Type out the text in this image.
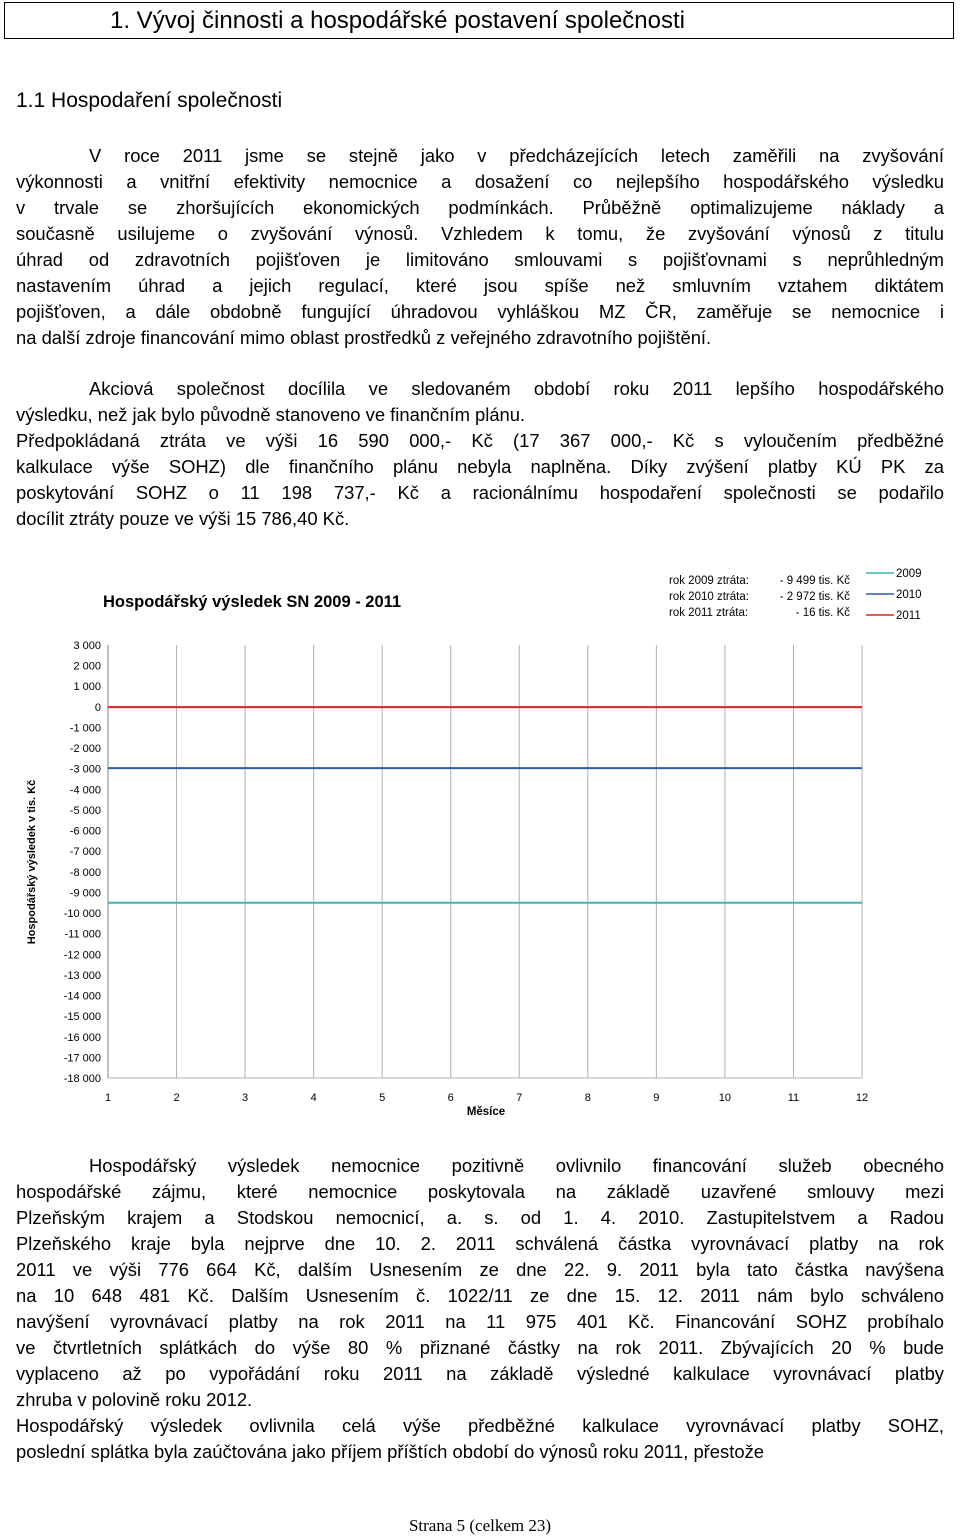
1. Vývoj činnosti a hospodářské postavení společnosti
1.1 Hospodaření společnosti
V roce 2011 jsme se stejně jako v předcházejících letech zaměřili na zvyšování
výkonnosti a vnitřní efektivity nemocnice a dosažení co nejlepšího hospodářského výsledku
v trvale se zhoršujících ekonomických podmínkách. Průběžně optimalizujeme náklady a
současně usilujeme o zvyšování výnosů. Vzhledem k tomu, že zvyšování výnosů z titulu
úhrad od zdravotních pojišťoven je limitováno smlouvami s pojišťovnami s neprůhledným
nastavením úhrad a jejich regulací, které jsou spíše než smluvním vztahem diktátem
pojišťoven, a dále obdobně fungující úhradovou vyhláškou MZ ČR, zaměřuje se nemocnice i
na další zdroje financování mimo oblast prostředků z veřejného zdravotního pojištění.
Akciová společnost docílila ve sledovaném období roku 2011 lepšího hospodářského
výsledku, než jak bylo původně stanoveno ve finančním plánu.
Předpokládaná ztráta ve výši 16 590 000,- Kč (17 367 000,- Kč s vyloučením předběžné
kalkulace výše SOHZ) dle finančního plánu nebyla naplněna. Díky zvýšení platby KÚ PK za
poskytování SOHZ o 11 198 737,- Kč a racionálnímu hospodaření společnosti se podařilo
docílit ztráty pouze ve výši 15 786,40 Kč.
3 000
2 000
1 000
0
-1 000
-2 000
-3 000
-4 000
-5 000
-6 000
-7 000
-8 000
-9 000
-10 000
-11 000
-12 000
-13 000
-14 000
-15 000
-16 000
-17 000
-18 000
1	2	3	4	5	6	7	8	9	10	11	12
Měsíce
Hospodářský výsledek v tis. Kč
Hospodářský výsledek SN 2009 - 2011
rok 2009 ztráta:	- 9 499 tis. Kč
rok 2010 ztráta:	- 2 972 tis. Kč
rok 2011 ztráta:	- 16 tis. Kč
2009
2010
2011
Hospodářský výsledek nemocnice pozitivně ovlivnilo financování služeb obecného
hospodářské zájmu, které nemocnice poskytovala na základě uzavřené smlouvy mezi
Plzeňským krajem a Stodskou nemocnicí, a. s. od 1. 4. 2010. Zastupitelstvem a Radou
Plzeňského kraje byla nejprve dne 10. 2. 2011 schválená částka vyrovnávací platby na rok
2011 ve výši 776 664 Kč, dalším Usnesením ze dne 22. 9. 2011 byla tato částka navýšena
na 10 648 481 Kč. Dalším Usnesením č. 1022/11 ze dne 15. 12. 2011 nám bylo schváleno
navýšení vyrovnávací platby na rok 2011 na 11 975 401 Kč. Financování SOHZ probíhalo
ve čtvrtletních splátkách do výše 80 % přiznané částky na rok 2011. Zbývajících 20 % bude
vyplaceno až po vypořádání roku 2011 na základě výsledné kalkulace vyrovnávací platby
zhruba v polovině roku 2012.
Hospodářský výsledek ovlivnila celá výše předběžné kalkulace vyrovnávací platby SOHZ,
poslední splátka byla zaúčtována jako příjem příštích období do výnosů roku 2011, přestože
Strana 5 (celkem 23)
